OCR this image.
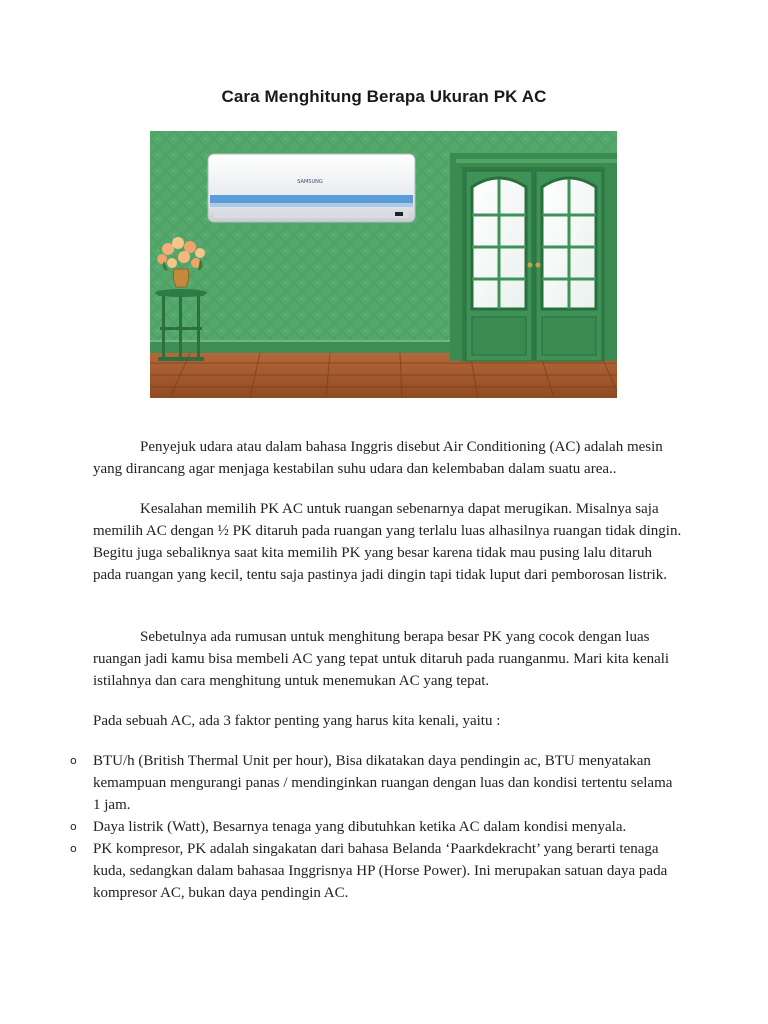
Cara Menghitung Berapa Ukuran PK AC
SAMSUNG

Penyejuk udara atau dalam bahasa Inggris disebut Air Conditioning (AC) adalah mesin yang dirancang agar menjaga kestabilan suhu udara dan kelembaban dalam suatu area..

Kesalahan memilih PK AC untuk ruangan sebenarnya dapat merugikan. Misalnya saja memilih AC dengan ½ PK ditaruh pada ruangan yang terlalu luas alhasilnya ruangan tidak dingin. Begitu juga sebaliknya saat kita memilih PK yang besar karena tidak mau pusing lalu ditaruh pada ruangan yang kecil, tentu saja pastinya jadi dingin tapi tidak luput dari pemborosan listrik.

Sebetulnya ada rumusan untuk menghitung berapa besar PK yang cocok dengan luas ruangan jadi kamu bisa membeli AC yang tepat untuk ditaruh pada ruanganmu. Mari kita kenali istilahnya dan cara menghitung untuk menemukan AC yang tepat.

Pada sebuah AC, ada 3 faktor penting yang harus kita kenali, yaitu :

o BTU/h (British Thermal Unit per hour), Bisa dikatakan daya pendingin ac, BTU menyatakan kemampuan mengurangi panas / mendinginkan ruangan dengan luas dan kondisi tertentu selama 1 jam.
o Daya listrik (Watt), Besarnya tenaga yang dibutuhkan ketika AC dalam kondisi menyala.
o PK kompresor, PK adalah singakatan dari bahasa Belanda ‘Paarkdekracht’ yang berarti tenaga kuda, sedangkan dalam bahasaa Inggrisnya HP (Horse Power). Ini merupakan satuan daya pada kompresor AC, bukan daya pendingin AC.
